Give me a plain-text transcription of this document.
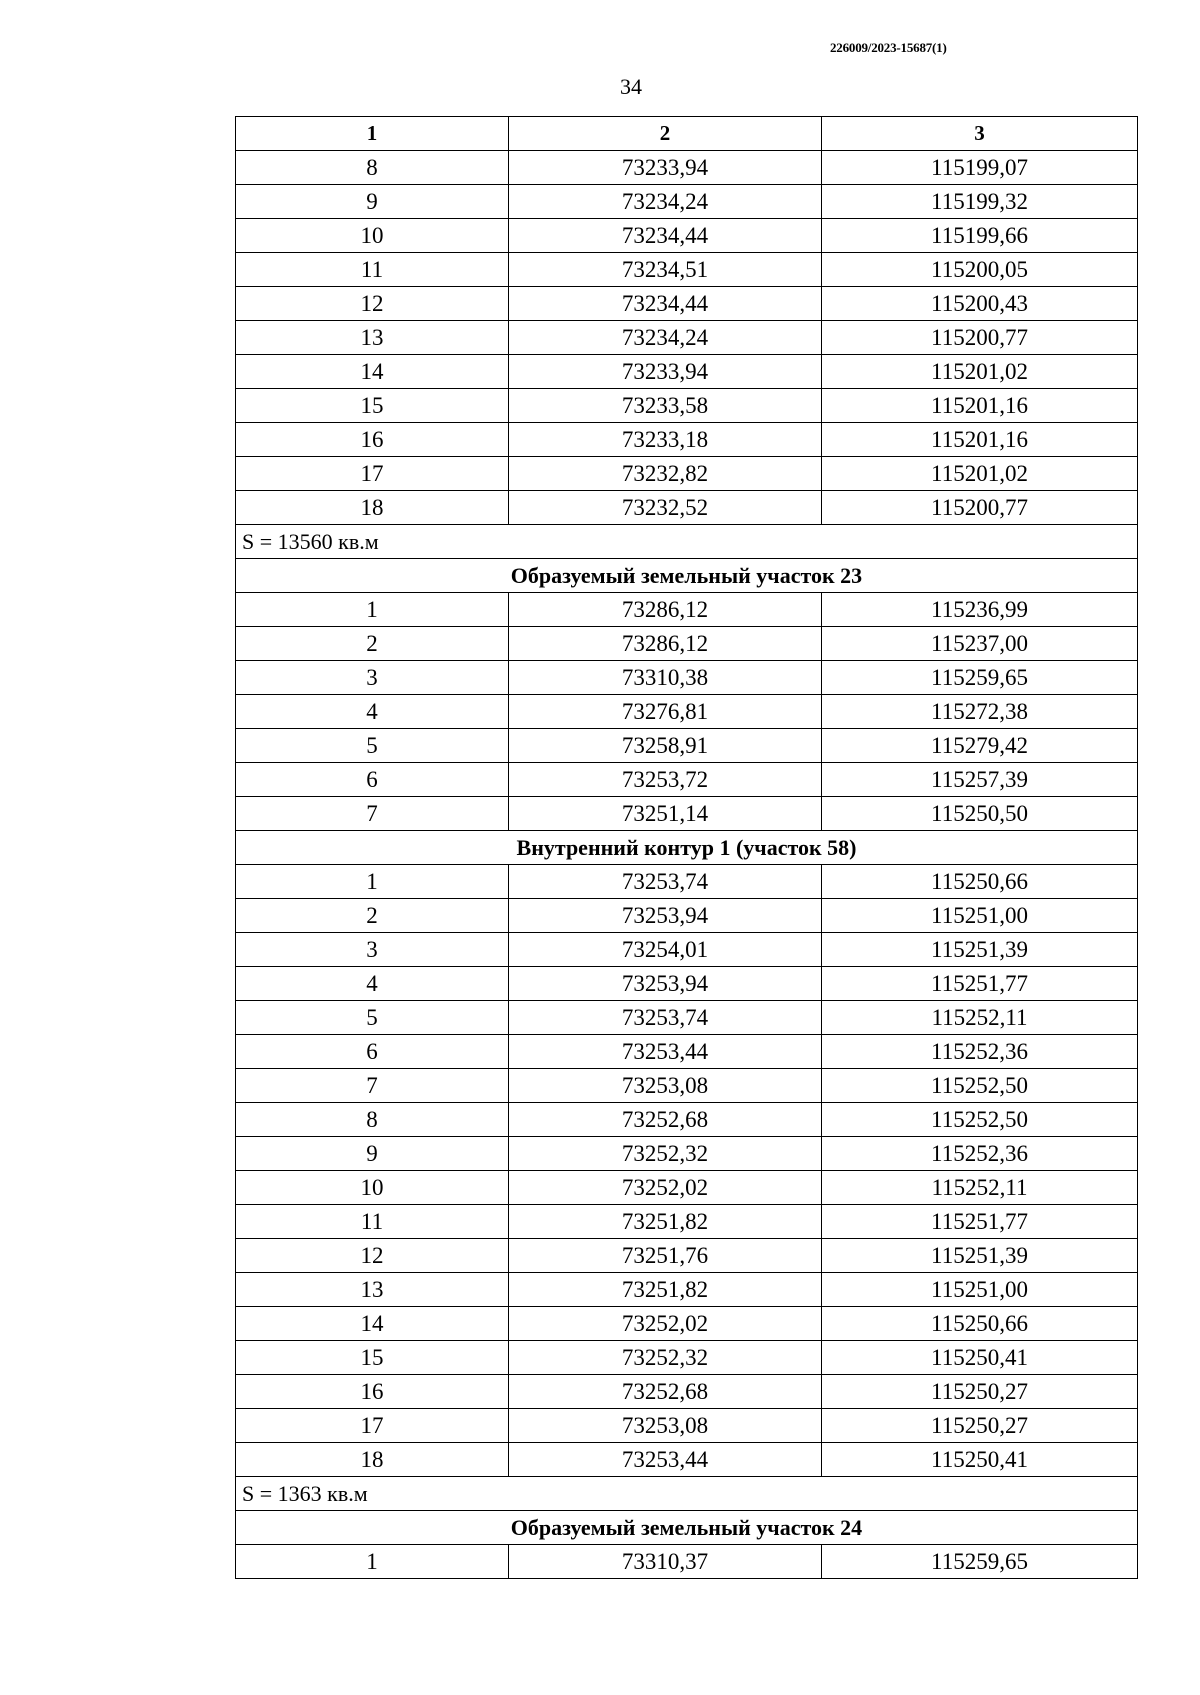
226009/2023-15687(1)
34
1	2	3
8	73233,94	115199,07
9	73234,24	115199,32
10	73234,44	115199,66
11	73234,51	115200,05
12	73234,44	115200,43
13	73234,24	115200,77
14	73233,94	115201,02
15	73233,58	115201,16
16	73233,18	115201,16
17	73232,82	115201,02
18	73232,52	115200,77
S = 13560 кв.м		
Образуемый земельный участок 23		
1	73286,12	115236,99
2	73286,12	115237,00
3	73310,38	115259,65
4	73276,81	115272,38
5	73258,91	115279,42
6	73253,72	115257,39
7	73251,14	115250,50
Внутренний контур 1 (участок 58)		
1	73253,74	115250,66
2	73253,94	115251,00
3	73254,01	115251,39
4	73253,94	115251,77
5	73253,74	115252,11
6	73253,44	115252,36
7	73253,08	115252,50
8	73252,68	115252,50
9	73252,32	115252,36
10	73252,02	115252,11
11	73251,82	115251,77
12	73251,76	115251,39
13	73251,82	115251,00
14	73252,02	115250,66
15	73252,32	115250,41
16	73252,68	115250,27
17	73253,08	115250,27
18	73253,44	115250,41
S = 1363 кв.м		
Образуемый земельный участок 24		
1	73310,37	115259,65
